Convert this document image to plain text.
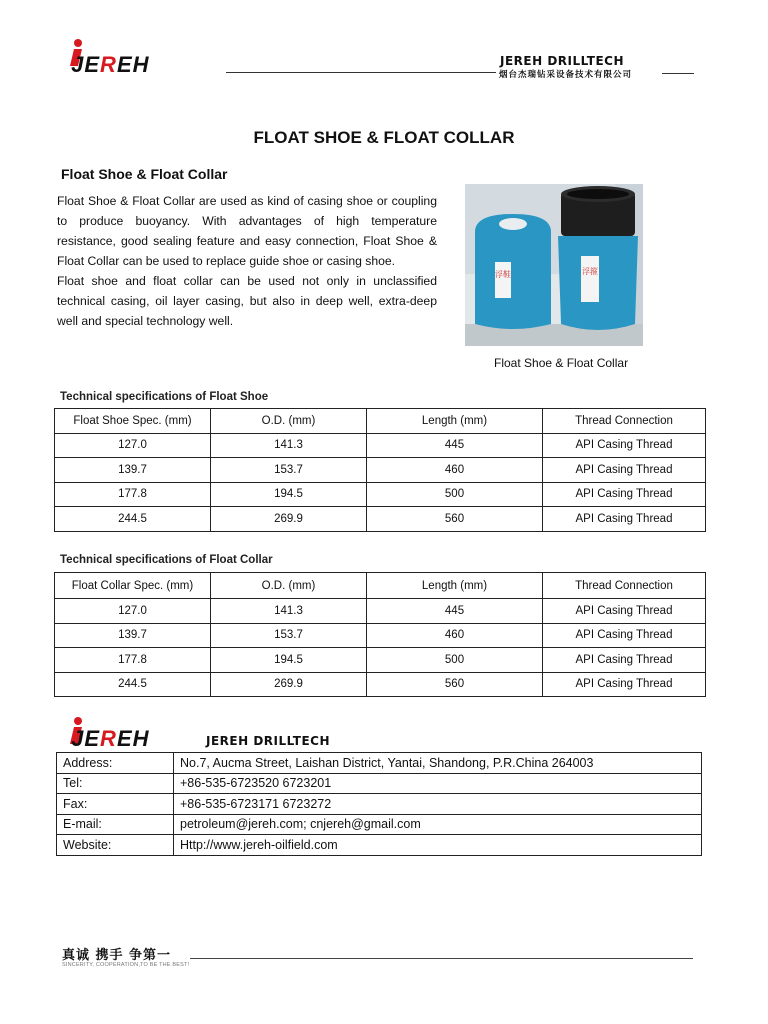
JEREH	JEREH DRILLTECH
烟台杰瑞钻采设备技术有限公司
FLOAT SHOE & FLOAT COLLAR
Float Shoe & Float Collar

Float Shoe & Float Collar are used as kind of casing shoe or coupling to produce buoyancy. With advantages of high temperature resistance, good sealing feature and easy connection, Float Shoe & Float Collar can be used to replace guide shoe or casing shoe.

Float shoe and float collar can be used not only in unclassified technical casing, oil layer casing, but also in deep well, extra-deep well and special technology well.

浮鞋	浮箍
Float Shoe & Float Collar
Technical specifications of Float Shoe
Float Shoe Spec. (mm)	O.D. (mm)	Length (mm)	Thread Connection
127.0	141.3	445	API Casing Thread
139.7	153.7	460	API Casing Thread
177.8	194.5	500	API Casing Thread
244.5	269.9	560	API Casing Thread
Technical specifications of Float Collar
Float Collar Spec. (mm)	O.D. (mm)	Length (mm)	Thread Connection
127.0	141.3	445	API Casing Thread
139.7	153.7	460	API Casing Thread
177.8	194.5	500	API Casing Thread
244.5	269.9	560	API Casing Thread
JEREH	JEREH DRILLTECH
Address:	No.7, Aucma Street, Laishan District, Yantai, Shandong, P.R.China 264003
Tel:	+86-535-6723520 6723201
Fax:	+86-535-6723171 6723272
E-mail:	petroleum@jereh.com; cnjereh@gmail.com
Website:	Http://www.jereh-oilfield.com
真诚 携手 争第一
SINCERITY, COOPERATION,TO BE THE BEST!
